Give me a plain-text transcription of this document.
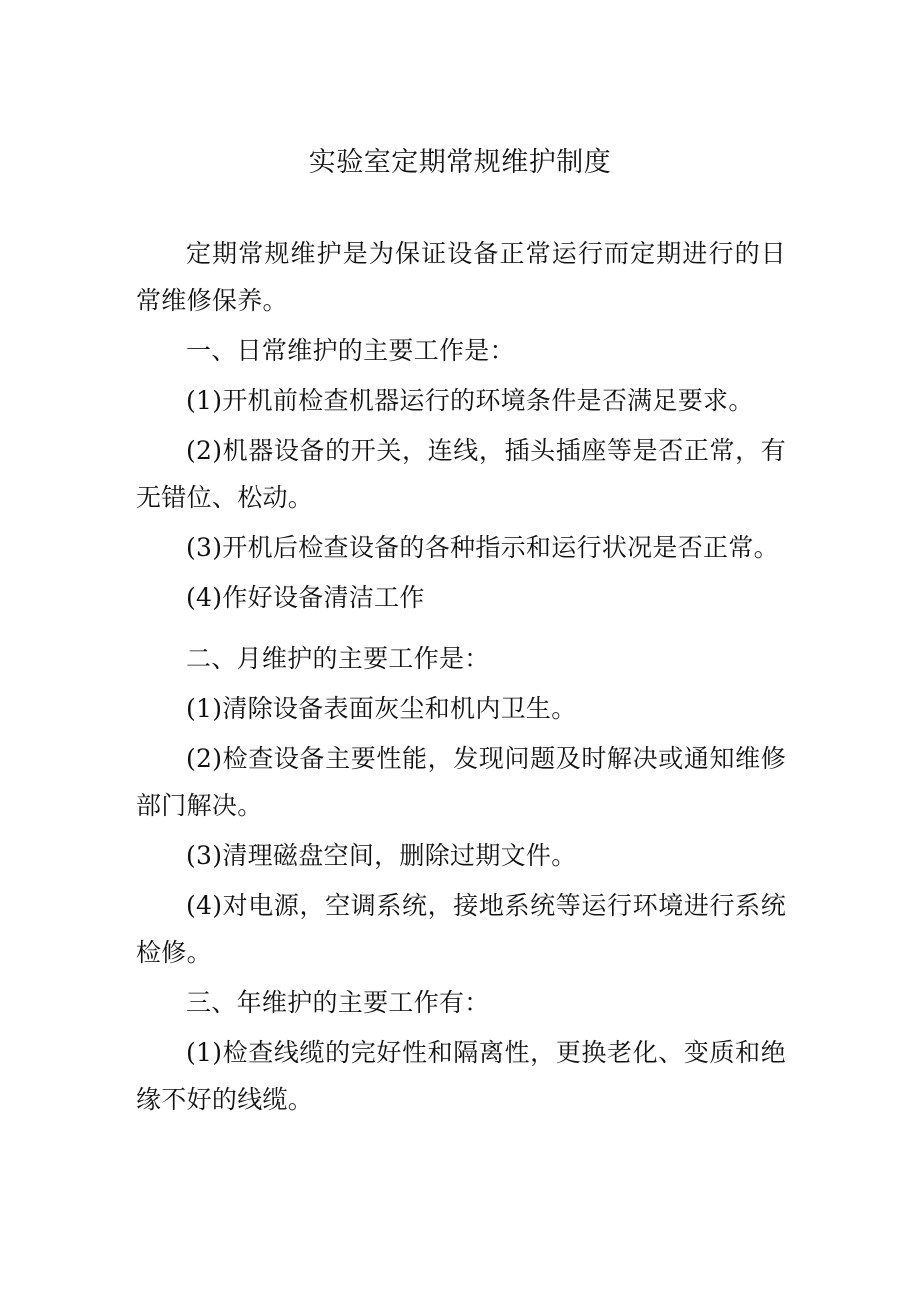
实验室定期常规维护制度

定期常规维护是为保证设备正常运行而定期进行的日常维修保养。

一、日常维护的主要工作是：

(1)开机前检查机器运行的环境条件是否满足要求。

(2)机器设备的开关，连线，插头插座等是否正常，有无错位、松动。

(3)开机后检查设备的各种指示和运行状况是否正常。

(4)作好设备清洁工作

二、月维护的主要工作是：

(1)清除设备表面灰尘和机内卫生。

(2)检查设备主要性能，发现问题及时解决或通知维修部门解决。

(3)清理磁盘空间，删除过期文件。

(4)对电源，空调系统，接地系统等运行环境进行系统检修。

三、年维护的主要工作有：

(1)检查线缆的完好性和隔离性，更换老化、变质和绝缘不好的线缆。
